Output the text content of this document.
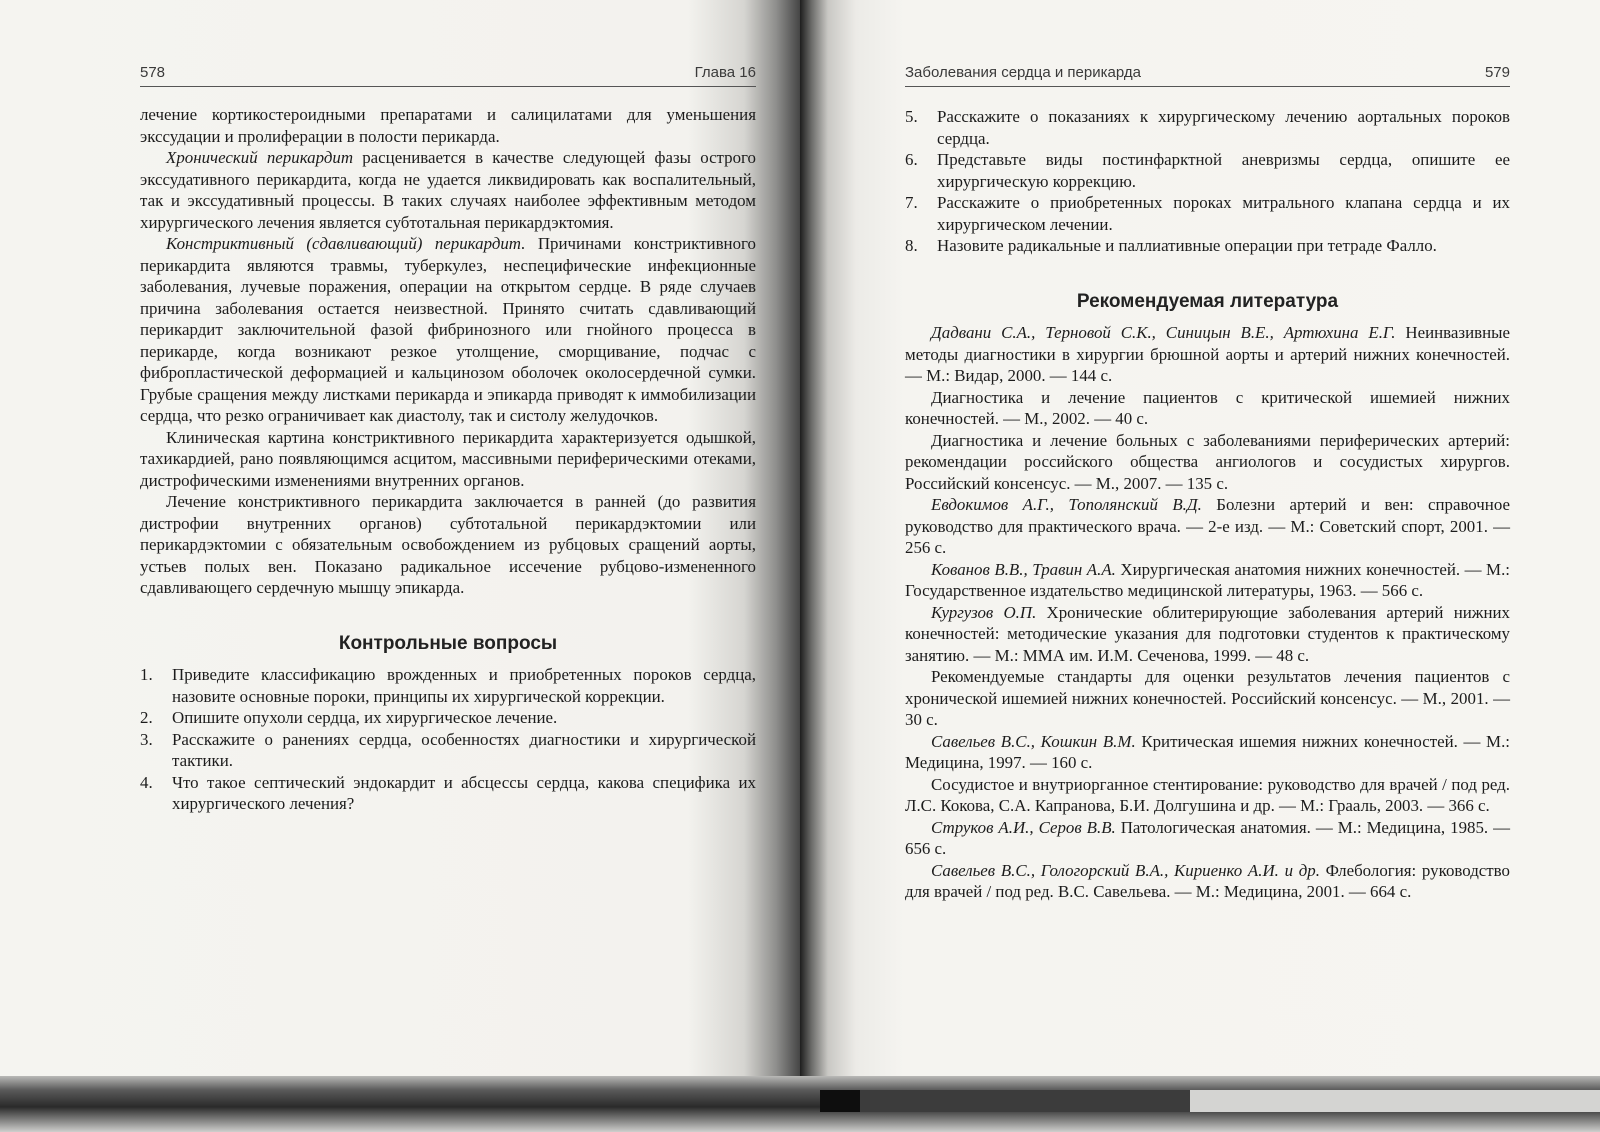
578	Глава 16

лечение кортикостероидными препаратами и салицилатами для уменьшения экссудации и пролиферации в полости перикарда.

Хронический перикардит расценивается в качестве следующей фазы острого экссудативного перикардита, когда не удается ликвидировать как воспалительный, так и экссудативный процессы. В таких случаях наиболее эффективным методом хирургического лечения является субтотальная перикардэктомия.

Констриктивный (сдавливающий) перикардит. Причинами констриктивного перикардита являются травмы, туберкулез, неспецифические инфекционные заболевания, лучевые поражения, операции на открытом сердце. В ряде случаев причина заболевания остается неизвестной. Принято считать сдавливающий перикардит заключительной фазой фибринозного или гнойного процесса в перикарде, когда возникают резкое утолщение, сморщивание, подчас с фибропластической деформацией и кальцинозом оболочек околосердечной сумки. Грубые сращения между листками перикарда и эпикарда приводят к иммобилизации сердца, что резко ограничивает как диастолу, так и систолу желудочков.

Клиническая картина констриктивного перикардита характеризуется одышкой, тахикардией, рано появляющимся асцитом, массивными периферическими отеками, дистрофическими изменениями внутренних органов.

Лечение констриктивного перикардита заключается в ранней (до развития дистрофии внутренних органов) субтотальной перикардэктомии или перикардэктомии с обязательным освобождением из рубцовых сращений аорты, устьев полых вен. Показано радикальное иссечение рубцово-измененного сдавливающего сердечную мышцу эпикарда.

Контрольные вопросы
1.	Приведите классификацию врожденных и приобретенных пороков сердца, назовите основные пороки, принципы их хирургической коррекции.
2.	Опишите опухоли сердца, их хирургическое лечение.
3.	Расскажите о ранениях сердца, особенностях диагностики и хирургической тактики.
4.	Что такое септический эндокардит и абсцессы сердца, какова специфика их хирургического лечения?
Заболевания сердца и перикарда	579
5.	Расскажите о показаниях к хирургическому лечению аортальных пороков сердца.
6.	Представьте виды постинфарктной аневризмы сердца, опишите ее хирургическую коррекцию.
7.	Расскажите о приобретенных пороках митрального клапана сердца и их хирургическом лечении.
8.	Назовите радикальные и паллиативные операции при тетраде Фалло.
Рекомендуемая литература

Дадвани С.А., Терновой С.К., Синицын В.Е., Артюхина Е.Г. Неинвазивные методы диагностики в хирургии брюшной аорты и артерий нижних конечностей. — М.: Видар, 2000. — 144 с.

Диагностика и лечение пациентов с критической ишемией нижних конечностей. — М., 2002. — 40 с.

Диагностика и лечение больных с заболеваниями периферических артерий: рекомендации российского общества ангиологов и сосудистых хирургов. Российский консенсус. — М., 2007. — 135 с.

Евдокимов А.Г., Тополянский В.Д. Болезни артерий и вен: справочное руководство для практического врача. — 2-е изд. — М.: Советский спорт, 2001. — 256 с.

Кованов В.В., Травин А.А. Хирургическая анатомия нижних конечностей. — М.: Государственное издательство медицинской литературы, 1963. — 566 с.

Кургузов О.П. Хронические облитерирующие заболевания артерий нижних конечностей: методические указания для подготовки студентов к практическому занятию. — М.: ММА им. И.М. Сеченова, 1999. — 48 с.

Рекомендуемые стандарты для оценки результатов лечения пациентов с хронической ишемией нижних конечностей. Российский консенсус. — М., 2001. — 30 с.

Савельев В.С., Кошкин В.М. Критическая ишемия нижних конечностей. — М.: Медицина, 1997. — 160 с.

Сосудистое и внутриорганное стентирование: руководство для врачей / под ред. Л.С. Кокова, С.А. Капранова, Б.И. Долгушина и др. — М.: Грааль, 2003. — 366 с.

Струков А.И., Серов В.В. Патологическая анатомия. — М.: Медицина, 1985. — 656 с.

Савельев В.С., Гологорский В.А., Кириенко А.И. и др. Флебология: руководство для врачей / под ред. В.С. Савельева. — М.: Медицина, 2001. — 664 с.
